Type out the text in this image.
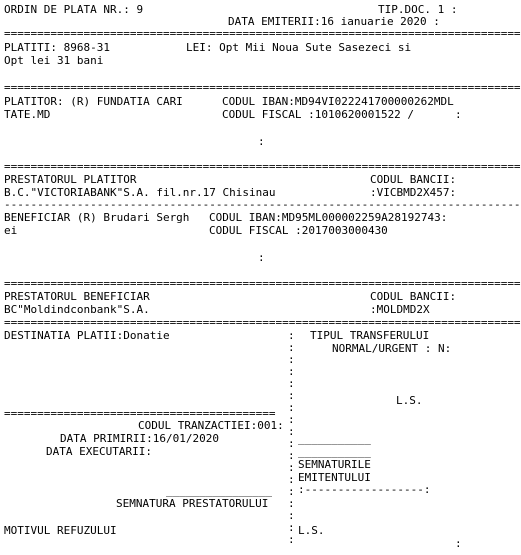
ORDIN DE PLATA NR.: 9	TIP.DOC. 1 :
DATA EMITERII:16 ianuarie 2020 :
==============================================================================
PLATITI: 8968-31	LEI: Opt Mii Noua Sute Sasezeci si
Opt lei 31 bani
==============================================================================
PLATITOR: (R) FUNDATIA CARI
TATE.MD
CODUL IBAN:MD94VI022241700000262MDL
CODUL FISCAL :1010620001522 /	:
:
==============================================================================
PRESTATORUL PLATITOR	CODUL BANCII:
B.C."VICTORIABANK"S.A. fil.nr.17 Chisinau	:VICBMD2X457:
------------------------------------------------------------------------------
BENEFICIAR (R) Brudari Sergh
ei
CODUL IBAN:MD95ML000002259A28192743:
CODUL FISCAL :2017003000430
:
==============================================================================
PRESTATORUL BENEFICIAR	CODUL BANCII:
BC"Moldindconbank"S.A.	:MOLDMD2X
==============================================================================
:
:
:
:
:
:
:
:
:
:
:
:
:
:
:
:
:
:
DESTINATIA PLATII:Donatie	TIPUL TRANSFERULUI
NORMAL/URGENT : N:
L.S.
=========================================
CODUL TRANZACTIEI:001:
DATA PRIMIRII:16/01/2020
DATA EXECUTARII:
___________
___________
SEMNATURILE
EMITENTULUI
:------------------:
________________
SEMNATURA PRESTATORULUI
MOTIVUL REFUZULUI	L.S.
:
